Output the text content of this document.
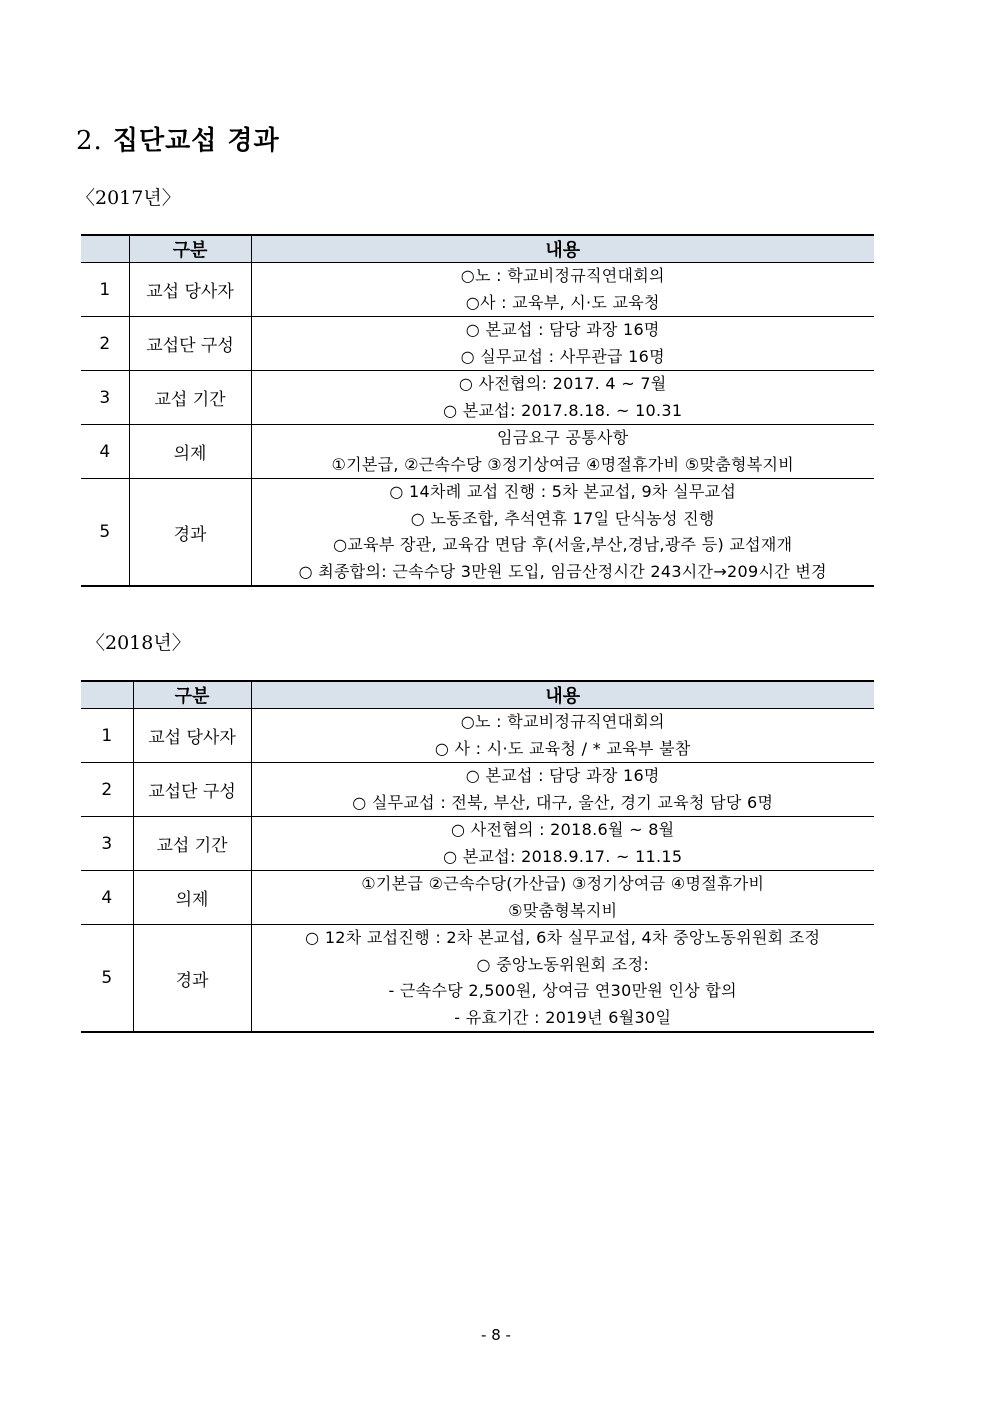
2. 집단교섭 경과

〈2017년〉

	구분	내용
1	교섭 당사자	○노 : 학교비정규직연대회의
○사 : 교육부, 시·도 교육청

2	교섭단 구성	○ 본교섭 : 담당 과장 16명
○ 실무교섭 : 사무관급 16명

3	교섭 기간	○ 사전협의: 2017. 4 ~ 7월
○ 본교섭: 2017.8.18. ~ 10.31

4	의제	임금요구 공통사항
①기본급, ②근속수당 ③정기상여금 ④명절휴가비 ⑤맞춤형복지비

5	경과	○ 14차례 교섭 진행 : 5차 본교섭, 9차 실무교섭
○ 노동조합, 추석연휴 17일 단식농성 진행
○교육부 장관, 교육감 면담 후(서울,부산,경남,광주 등) 교섭재개
○ 최종합의: 근속수당 3만원 도입, 임금산정시간 243시간→209시간 변경

〈2018년〉

	구분	내용
1	교섭 당사자	○노 : 학교비정규직연대회의
○ 사 : 시·도 교육청 / * 교육부 불참

2	교섭단 구성	○ 본교섭 : 담당 과장 16명
○ 실무교섭 : 전북, 부산, 대구, 울산, 경기 교육청 담당 6명

3	교섭 기간	○ 사전협의 : 2018.6월 ~ 8월
○ 본교섭: 2018.9.17. ~ 11.15

4	의제	①기본급 ②근속수당(가산급) ③정기상여금 ④명절휴가비
⑤맞춤형복지비

5	경과	○ 12차 교섭진행 : 2차 본교섭, 6차 실무교섭, 4차 중앙노동위원회 조정
○ 중앙노동위원회 조정:
- 근속수당 2,500원, 상여금 연30만원 인상 합의
- 유효기간 : 2019년 6월30일
- 8 -
